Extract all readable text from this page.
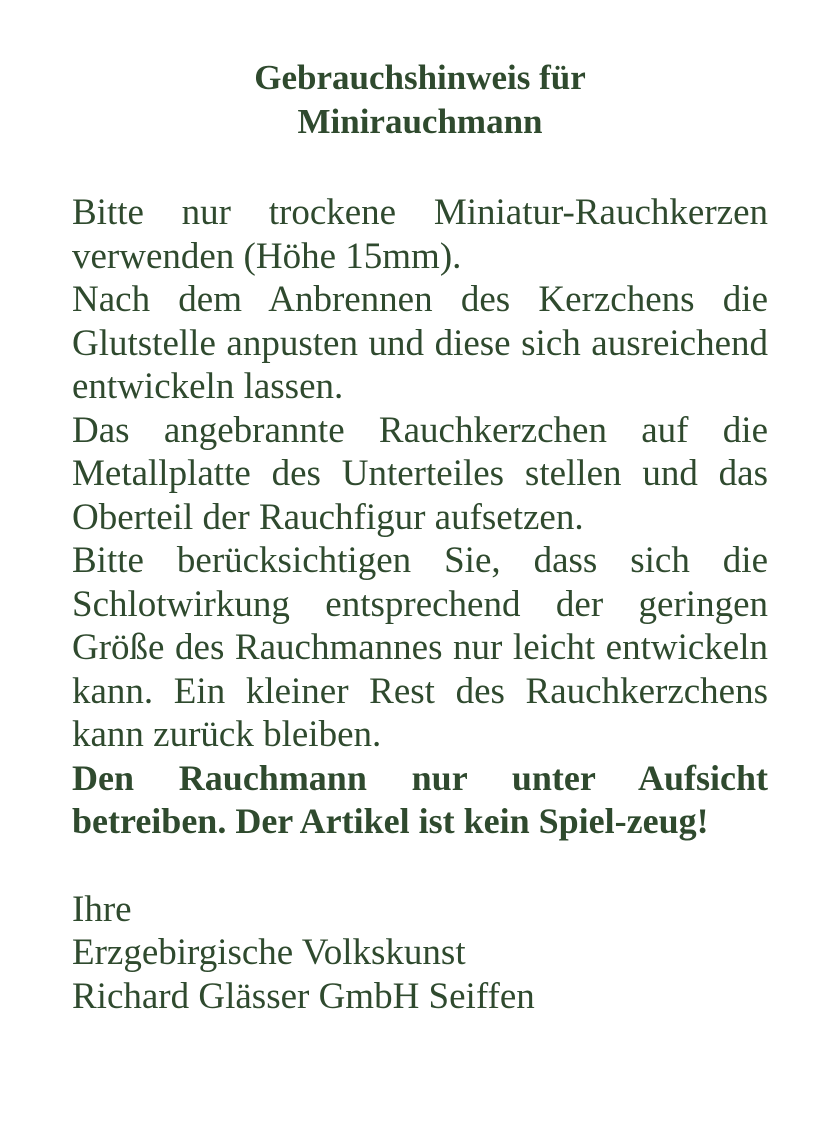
Gebrauchshinweis für
Minirauchmann

Bitte nur trockene Miniatur-Rauchkerzen verwenden (Höhe 15mm).

Nach dem Anbrennen des Kerzchens die Glutstelle anpusten und diese sich ausreichend entwickeln lassen.

Das angebrannte Rauchkerzchen auf die Metallplatte des Unterteiles stellen und das Oberteil der Rauchfigur aufsetzen.

Bitte berücksichtigen Sie, dass sich die Schlotwirkung entsprechend der geringen Größe des Rauchmannes nur leicht entwickeln kann. Ein kleiner Rest des Rauchkerzchens kann zurück bleiben.

Den Rauchmann nur unter Aufsicht betreiben. Der Artikel ist kein Spiel-zeug!

Ihre
Erzgebirgische Volkskunst
Richard Glässer GmbH Seiffen
